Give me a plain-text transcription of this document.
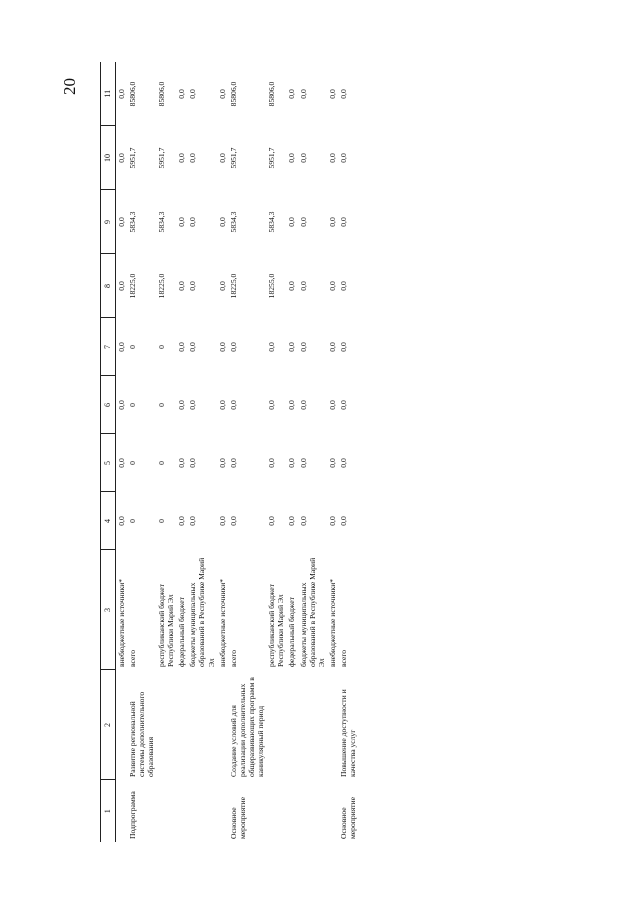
20
1	2	3	4	5	6	7	8	9	10	11
		внебюджетные источники*	0,0	0,0	0,0	0,0	0,0	0,0	0,0	0,0
Подпрограмма	Развитие региональной системы дополнительного образования	всего	0	0	0	0	18225,0	5834,3	5951,7	85806,0
		республиканский бюджет Республики Марий Эл	0	0	0	0	18225,0	5834,3	5951,7	85806,0
		федеральный бюджет	0,0	0,0	0,0	0,0	0,0	0,0	0,0	0,0
		бюджеты муниципальных образований в Республике Марий Эл	0,0	0,0	0,0	0,0	0,0	0,0	0,0	0,0
		внебюджетные источники*	0,0	0,0	0,0	0,0	0,0	0,0	0,0	0,0
Основное мероприятие	Создание условий для реализации дополнительных общеразвивающих программ в каникулярный период	всего	0,0	0,0	0,0	0,0	18225,0	5834,3	5951,7	85806,0
		республиканский бюджет Республики Марий Эл	0,0	0,0	0,0	0,0	18255,0	5834,3	5951,7	85806,0
		федеральный бюджет	0,0	0,0	0,0	0,0	0,0	0,0	0,0	0,0
		бюджеты муниципальных образований в Республике Марий Эл	0,0	0,0	0,0	0,0	0,0	0,0	0,0	0,0
		внебюджетные источники*	0,0	0,0	0,0	0,0	0,0	0,0	0,0	0,0
Основное мероприятие	Повышение доступности и качества услуг	всего	0,0	0,0	0,0	0,0	0,0	0,0	0,0	0,0
